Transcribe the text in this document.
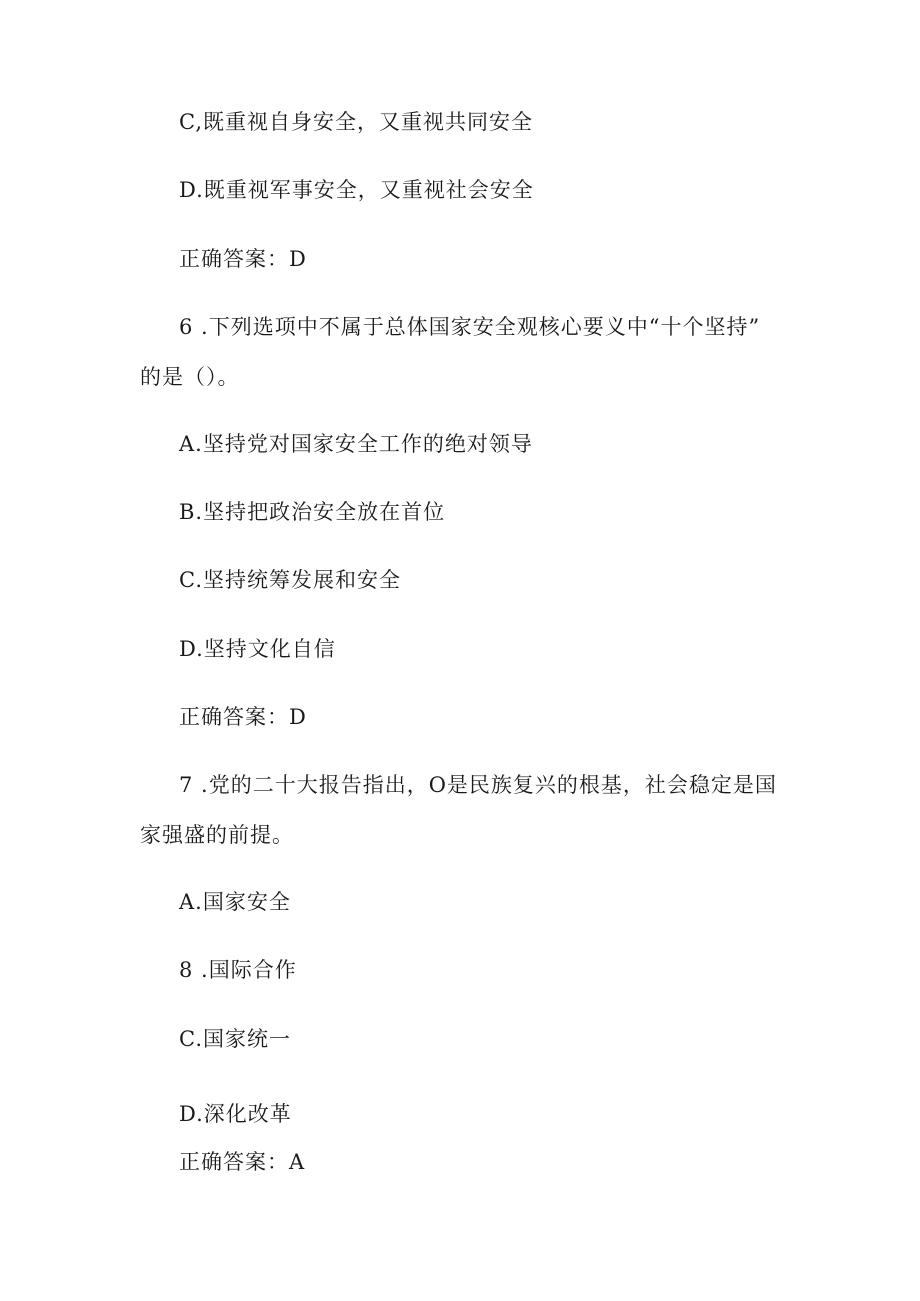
C,既重视自身安全，又重视共同安全
D.既重视军事安全，又重视社会安全
正确答案：D
6 .下列选项中不属于总体国家安全观核心要义中“十个坚持”
的是（）。
A.坚持党对国家安全工作的绝对领导
B.坚持把政治安全放在首位
C.坚持统筹发展和安全
D.坚持文化自信
正确答案：D
7 .党的二十大报告指出，O是民族复兴的根基，社会稳定是国
家强盛的前提。
A.国家安全
8 .国际合作
C.国家统一
D.深化改革
正确答案：A
